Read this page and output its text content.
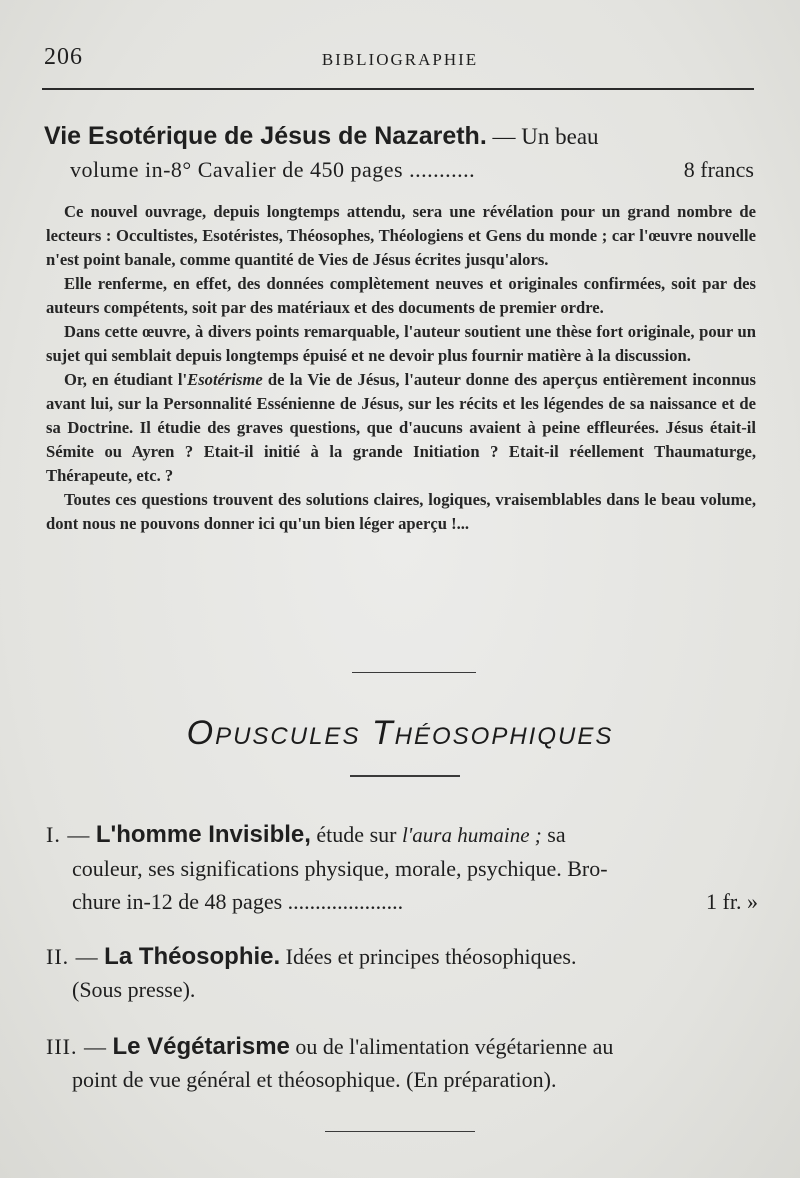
206	BIBLIOGRAPHIE
Vie Esotérique de Jésus de Nazareth. — Un beau
volume in-8° Cavalier de 450 pages ...........	8 francs

Ce nouvel ouvrage, depuis longtemps attendu, sera une révélation pour un grand nombre de lecteurs : Occultistes, Esotéristes, Théosophes, Théologiens et Gens du monde ; car l'œuvre nouvelle n'est point banale, comme quantité de Vies de Jésus écrites jusqu'alors.

Elle renferme, en effet, des données complètement neuves et originales confirmées, soit par des auteurs compétents, soit par des matériaux et des documents de premier ordre.

Dans cette œuvre, à divers points remarquable, l'auteur soutient une thèse fort originale, pour un sujet qui semblait depuis longtemps épuisé et ne devoir plus fournir matière à la discussion.

Or, en étudiant l'Esotérisme de la Vie de Jésus, l'auteur donne des aperçus entièrement inconnus avant lui, sur la Personnalité Essénienne de Jésus, sur les récits et les légendes de sa naissance et de sa Doctrine. Il étudie des graves questions, que d'aucuns avaient à peine effleurées. Jésus était-il Sémite ou Ayren ? Etait-il initié à la grande Initiation ? Etait-il réellement Thaumaturge, Thérapeute, etc. ?

Toutes ces questions trouvent des solutions claires, logiques, vraisemblables dans le beau volume, dont nous ne pouvons donner ici qu'un bien léger aperçu !...

Opuscules Théosophiques
I. — L'homme Invisible, étude sur l'aura humaine ; sa
couleur, ses significations physique, morale, psychique. Bro-
chure in-12 de 48 pages .....................	1 fr. »
II. — La Théosophie. Idées et principes théosophiques.
(Sous presse).
III. — Le Végétarisme ou de l'alimentation végétarienne au
point de vue général et théosophique. (En préparation).
